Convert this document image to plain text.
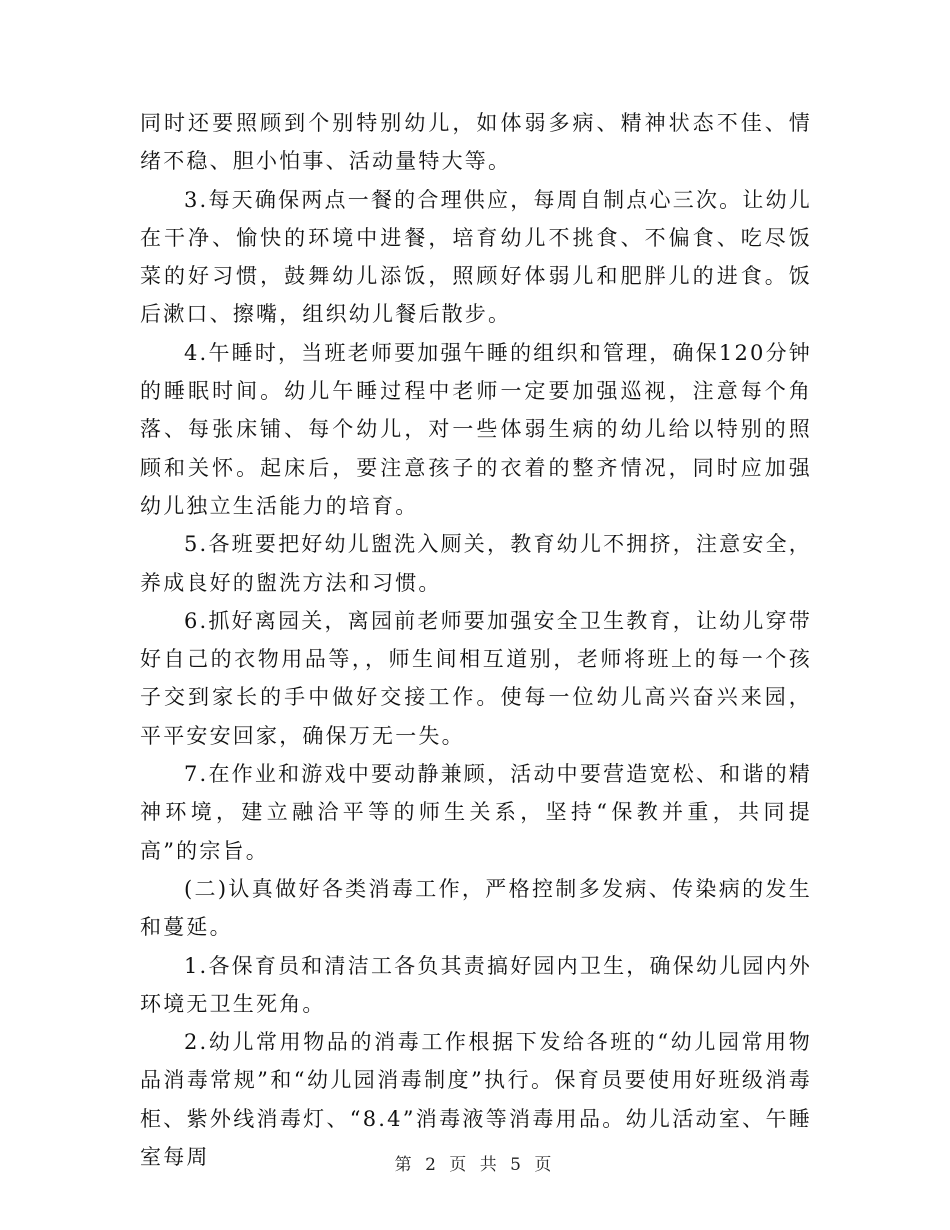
同时还要照顾到个别特别幼儿，如体弱多病、精神状态不佳、情绪不稳、胆小怕事、活动量特大等。

3.每天确保两点一餐的合理供应，每周自制点心三次。让幼儿在干净、愉快的环境中进餐，培育幼儿不挑食、不偏食、吃尽饭菜的好习惯，鼓舞幼儿添饭，照顾好体弱儿和肥胖儿的进食。饭后漱口、擦嘴，组织幼儿餐后散步。

4.午睡时，当班老师要加强午睡的组织和管理，确保120分钟的睡眠时间。幼儿午睡过程中老师一定要加强巡视，注意每个角落、每张床铺、每个幼儿，对一些体弱生病的幼儿给以特别的照顾和关怀。起床后，要注意孩子的衣着的整齐情况，同时应加强幼儿独立生活能力的培育。

5.各班要把好幼儿盥洗入厕关，教育幼儿不拥挤，注意安全，养成良好的盥洗方法和习惯。

6.抓好离园关，离园前老师要加强安全卫生教育，让幼儿穿带好自己的衣物用品等，，师生间相互道别，老师将班上的每一个孩子交到家长的手中做好交接工作。使每一位幼儿高兴奋兴来园，平平安安回家，确保万无一失。

7.在作业和游戏中要动静兼顾，活动中要营造宽松、和谐的精神环境，建立融洽平等的师生关系，坚持“保教并重，共同提高”的宗旨。

(二)认真做好各类消毒工作，严格控制多发病、传染病的发生和蔓延。

1.各保育员和清洁工各负其责搞好园内卫生，确保幼儿园内外环境无卫生死角。

2.幼儿常用物品的消毒工作根据下发给各班的“幼儿园常用物品消毒常规”和“幼儿园消毒制度”执行。保育员要使用好班级消毒柜、紫外线消毒灯、“8.4”消毒液等消毒用品。幼儿活动室、午睡室每周	第 2 页 共 5 页
